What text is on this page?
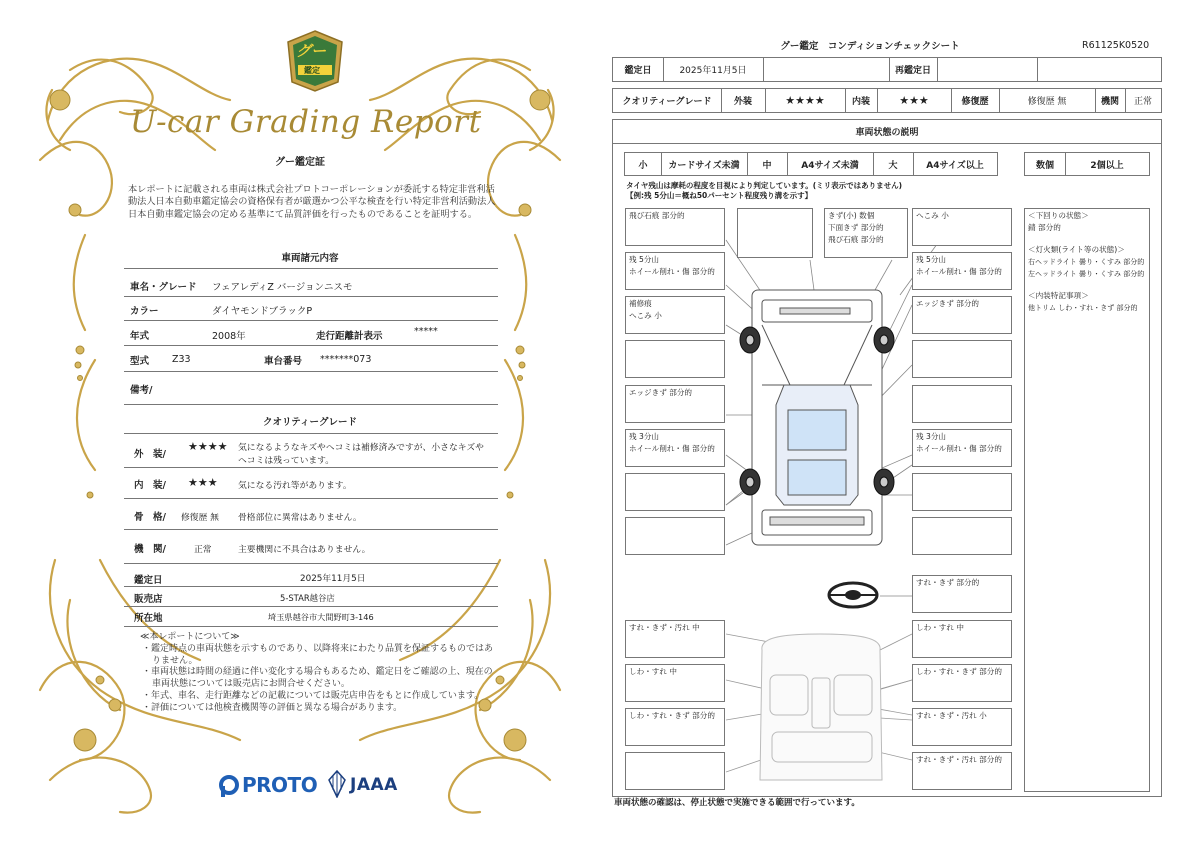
グー
鑑定
U-car Grading Report
グー鑑定証
本レポートに記載される車両は株式会社プロトコーポレーションが委託する特定非営利活動法人日本自動車鑑定協会の資格保有者が厳選かつ公平な検査を行い特定非営利活動法人日本自動車鑑定協会の定める基準にて品質評価を行ったものであることを証明する。
車両諸元内容
車名・グレード フェアレディZ バージョンニスモ
カラー	ダイヤモンドブラックP
年式	2008年	走行距離計表示	*****
型式 Z33	車台番号 *******073
備考/
クオリティーグレード
外　装/
★★★★ 気になるようなキズやヘコミは補修済みですが、小さなキズや
ヘコミは残っています。
内　装/ ★★★ 気になる汚れ等があります。
骨　格/ 修復歴 無 骨格部位に異常はありません。
機　関/	正常	主要機関に不具合はありません。
鑑定日	2025年11月5日
販売店	5-STAR越谷店
所在地	埼玉県越谷市大間野町3-146
≪本レポートについて≫
・鑑定時点の車両状態を示すものであり、以降将来にわたり品質を保証するものではありません。
・車両状態は時間の経過に伴い変化する場合もあるため、鑑定日をご確認の上、現在の車両状態については販売店にお問合せください。
・年式、車名、走行距離などの記載については販売店申告をもとに作成しています。
・評価については他検査機関等の評価と異なる場合があります。
PROTO JAAA
グー鑑定　コンディションチェックシート	R61125K0520
鑑定日	2025年11月5日	再鑑定日
クオリティーグレード	外装	★★★★	内装	★★★	修復歴	修復歴 無	機関	正常
車両状態の説明
小	カードサイズ未満	中	A4サイズ未満	大	A4サイズ以上	数個	2個以上
タイヤ残山は摩耗の程度を目視により判定しています。(ミリ表示ではありません)
【例:残 5分山＝概ね50パーセント程度残り溝を示す】
飛び石痕 部分的
残 5分山
ホイール削れ・傷 部分的
補修痕
へこみ 小
エッジきず 部分的
残 3分山
ホイール削れ・傷 部分的
きず(小) 数個
下面きず 部分的
飛び石痕 部分的
へこみ 小
残 5分山
ホイール削れ・傷 部分的
エッジきず 部分的
残 3分山
ホイール削れ・傷 部分的
＜下回りの状態＞
錆 部分的
＜灯火類(ライト等の状態)＞
右ヘッドライト 曇り・くすみ 部分的
左ヘッドライト 曇り・くすみ 部分的
＜内装特記事項＞
他トリム しわ・すれ・きず 部分的
すれ・きず・汚れ 中
しわ・すれ 中
しわ・すれ・きず 部分的
すれ・きず 部分的
しわ・すれ 中
しわ・すれ・きず 部分的
すれ・きず・汚れ 小
すれ・きず・汚れ 部分的
車両状態の確認は、停止状態で実施できる範囲で行っています。
